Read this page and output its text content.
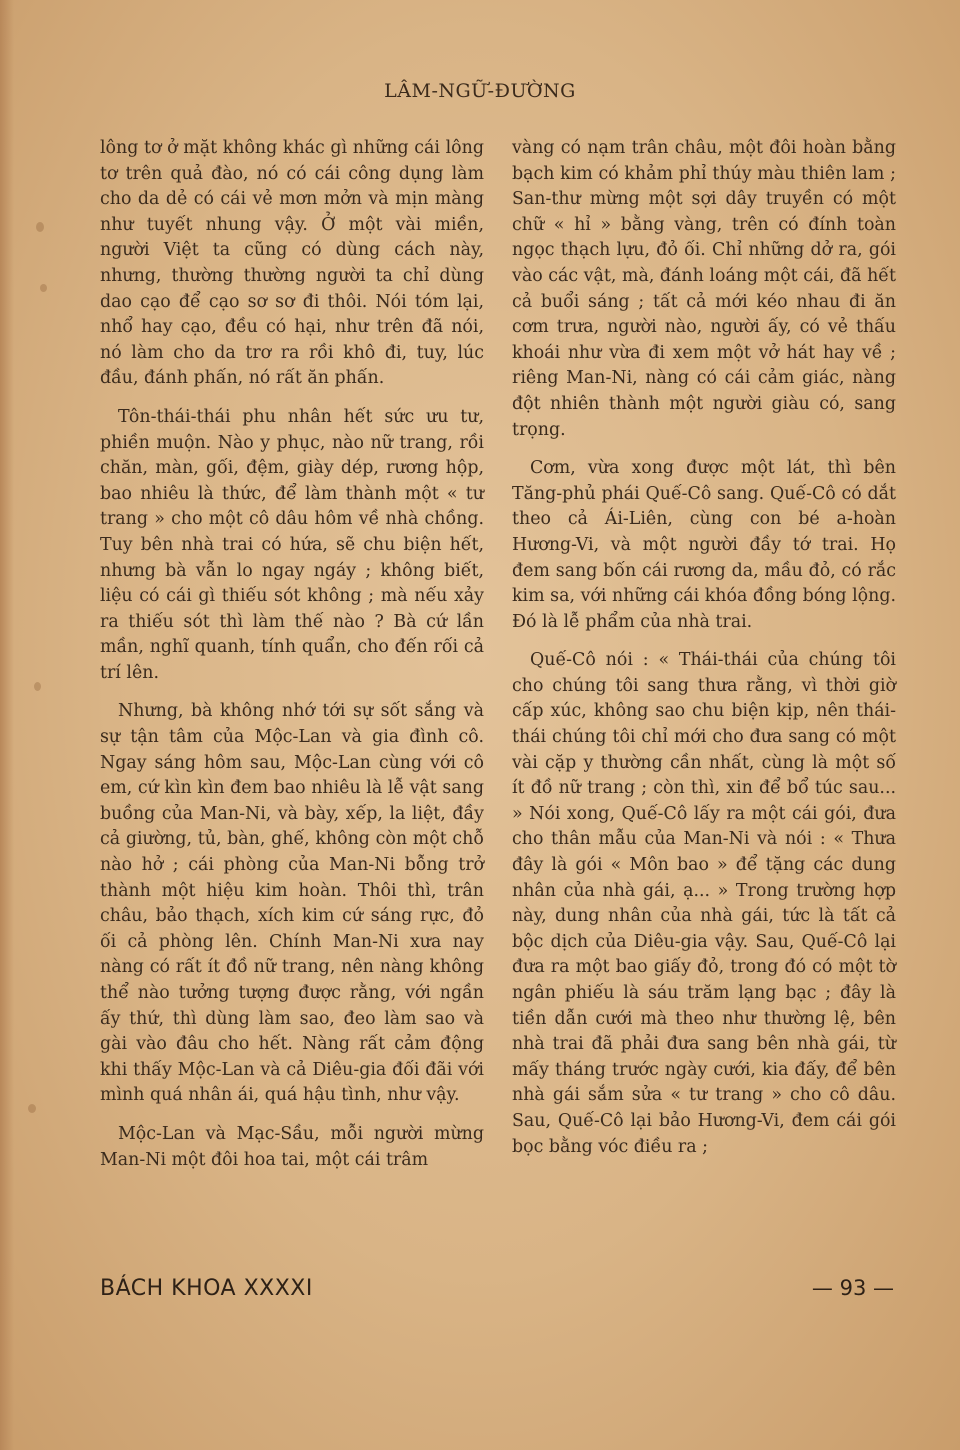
LÂM-NGỮ-ĐƯỜNG

lông tơ ở mặt không khác gì những cái lông tơ trên quả đào, nó có cái công dụng làm cho da dẻ có cái vẻ mơn mởn và mịn màng như tuyết nhung vậy. Ở một vài miền, người Việt ta cũng có dùng cách này, nhưng, thường thường người ta chỉ dùng dao cạo để cạo sơ sơ đi thôi. Nói tóm lại, nhổ hay cạo, đều có hại, như trên đã nói, nó làm cho da trơ ra rồi khô đi, tuy, lúc đầu, đánh phấn, nó rất ăn phấn.

Tôn-thái-thái phu nhân hết sức ưu tư, phiền muộn. Nào y phục, nào nữ trang, rồi chăn, màn, gối, đệm, giày dép, rương hộp, bao nhiêu là thức, để làm thành một « tư trang » cho một cô dâu hôm về nhà chồng. Tuy bên nhà trai có hứa, sẽ chu biện hết, nhưng bà vẫn lo ngay ngáy ; không biết, liệu có cái gì thiếu sót không ; mà nếu xảy ra thiếu sót thì làm thế nào ? Bà cứ lần mần, nghĩ quanh, tính quẩn, cho đến rối cả trí lên.

Nhưng, bà không nhớ tới sự sốt sắng và sự tận tâm của Mộc-Lan và gia đình cô. Ngay sáng hôm sau, Mộc-Lan cùng với cô em, cứ kìn kìn đem bao nhiêu là lễ vật sang buồng của Man-Ni, và bày, xếp, la liệt, đầy cả giường, tủ, bàn, ghế, không còn một chỗ nào hở ; cái phòng của Man-Ni bỗng trở thành một hiệu kim hoàn. Thôi thì, trân châu, bảo thạch, xích kim cứ sáng rực, đỏ ối cả phòng lên. Chính Man-Ni xưa nay nàng có rất ít đồ nữ trang, nên nàng không thể nào tưởng tượng được rằng, với ngần ấy thứ, thì dùng làm sao, đeo làm sao và gài vào đâu cho hết. Nàng rất cảm động khi thấy Mộc-Lan và cả Diêu-gia đối đãi với mình quá nhân ái, quá hậu tình, như vậy.

Mộc-Lan và Mạc-Sầu, mỗi người mừng Man-Ni một đôi hoa tai, một cái trâm

vàng có nạm trân châu, một đôi hoàn bằng bạch kim có khảm phỉ thúy màu thiên lam ; San-thư mừng một sợi dây truyền có một chữ « hỉ » bằng vàng, trên có đính toàn ngọc thạch lựu, đỏ ối. Chỉ những dở ra, gói vào các vật, mà, đánh loáng một cái, đã hết cả buổi sáng ; tất cả mới kéo nhau đi ăn cơm trưa, người nào, người ấy, có vẻ thấu khoái như vừa đi xem một vở hát hay về ; riêng Man-Ni, nàng có cái cảm giác, nàng đột nhiên thành một người giàu có, sang trọng.

Cơm, vừa xong được một lát, thì bên Tăng-phủ phái Quế-Cô sang. Quế-Cô có dắt theo cả Ái-Liên, cùng con bé a-hoàn Hương-Vi, và một người đầy tớ trai. Họ đem sang bốn cái rương da, mầu đỏ, có rắc kim sa, với những cái khóa đồng bóng lộng. Đó là lễ phẩm của nhà trai.

Quế-Cô nói : « Thái-thái của chúng tôi cho chúng tôi sang thưa rằng, vì thời giờ cấp xúc, không sao chu biện kịp, nên thái-thái chúng tôi chỉ mới cho đưa sang có một vài cặp y thường cần nhất, cùng là một số ít đồ nữ trang ; còn thì, xin để bổ túc sau... » Nói xong, Quế-Cô lấy ra một cái gói, đưa cho thân mẫu của Man-Ni và nói : « Thưa đây là gói « Môn bao » để tặng các dung nhân của nhà gái, ạ... » Trong trường hợp này, dung nhân của nhà gái, tức là tất cả bộc dịch của Diêu-gia vậy. Sau, Quế-Cô lại đưa ra một bao giấy đỏ, trong đó có một tờ ngân phiếu là sáu trăm lạng bạc ; đây là tiền dẫn cưới mà theo như thường lệ, bên nhà trai đã phải đưa sang bên nhà gái, từ mấy tháng trước ngày cưới, kia đấy, để bên nhà gái sắm sửa « tư trang » cho cô dâu. Sau, Quế-Cô lại bảo Hương-Vi, đem cái gói bọc bằng vóc điều ra ;

BÁCH KHOA XXXXI	— 93 —
